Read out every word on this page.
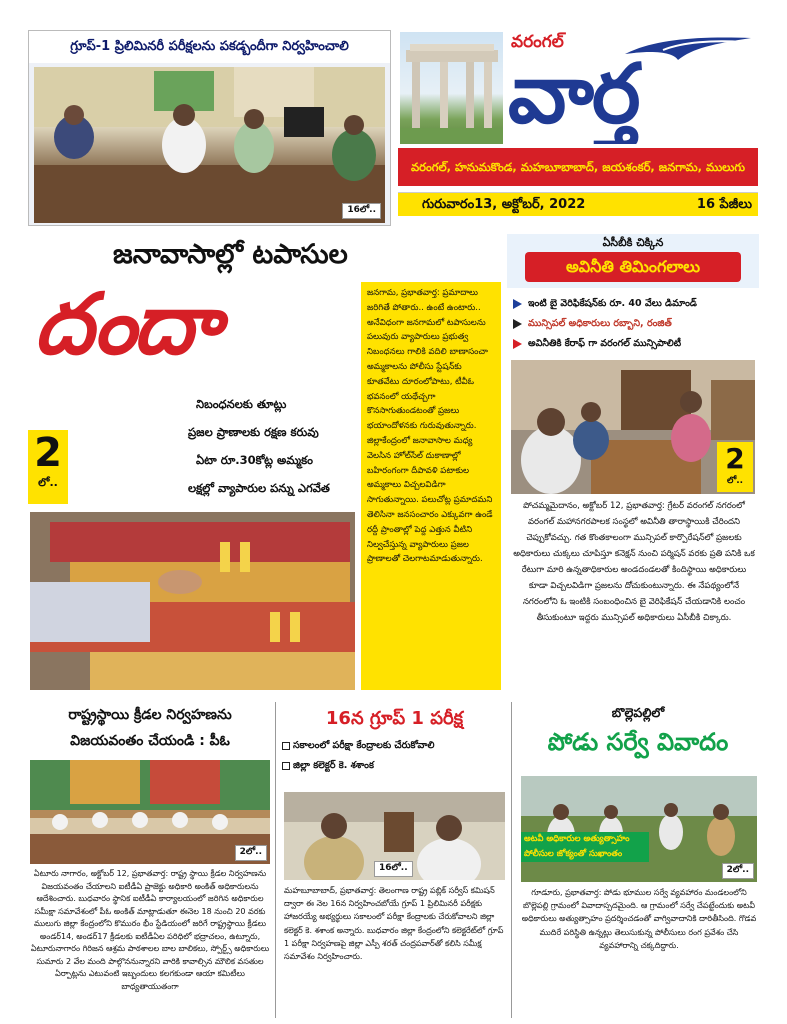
గ్రూప్-1 ప్రిలిమినరీ పరీక్షలను పకడ్బందీగా నిర్వహించాలి
16లో..
వరంగల్
వార్త
వరంగల్, హనుమకొండ, మహబూబాబాద్, జయశంకర్, జనగామ, ములుగు
గురువారం13, అక్టోబర్, 2022	16 పేజీలు
జనావాసాల్లో టపాసుల
దందా
నిబంధనలకు తూట్లు
ప్రజల ప్రాణాలకు రక్షణ కరువు
ఏటా రూ.30కోట్ల అమ్మకం
లక్షల్లో వ్యాపారుల పన్ను ఎగవేత
2
లో..

జనగామ, ప్రభాతవార్త: ప్రమాదాలు జరిగితే పోతారు.. ఉంటే ఉంటారు.. అనేవిధంగా జనగామలో టపాసులను పలువురు వ్యాపారులు ప్రభుత్వ నిబంధనలు గాలికి వదిలి బాణాసంచా అమ్మకాలను పోలీసు స్టేషన్‌కు కూతవేటు దూరంలోపాటు, టీవీఓ భవనంలో యథేచ్చగా కొనసాగుతుండటంతో ప్రజలు భయాందోళనకు గురువుతున్నారు. జిల్లాకేంద్రంలో జనావాసాల మధ్య వెలసిన హోల్‌సేల్ దుకాణాల్లో బహిరంగంగా దీపావళి పటాకుల అమ్మకాలు విచ్చలవిడిగా సాగుతున్నాయి. పలుచోట్ల ప్రమాదమని తెలిసినా జనసంచారం ఎక్కువగా ఉండే రద్దీ ప్రాంతాల్లో పెద్ద ఎత్తున వీటిని నిల్వచేస్తున్న వ్యాపారులు ప్రజల ప్రాణాలతో చెలగాటమాడుతున్నారు.

ఏసీబీకి చిక్కిన
అవినీతి తిమింగలాలు
ఇంటి బై వెరిఫికేషన్‌కు రూ. 40 వేలు డిమాండ్
మున్సిపల్ అధికారులు రబ్బాని, రంజిత్
అవినీతికి కేరాఫ్ గా వరంగల్ మున్సిపాలిటీ
2
లో..

పోచమ్మమైదానం, అక్టోబర్ 12, ప్రభాతవార్త: గ్రేటర్ వరంగల్ నగరంలో వరంగల్ మహానగరపాలక సంస్థలో అవినీతి తారాస్థాయికి చేరిందని చెప్పుకోవచ్చు. గత కొంతకాలంగా మున్సిపల్ కార్పొరేషన్‌లో ప్రజలకు అధికారులు చుక్కలు చూపిస్తూ కనెక్షన్ నుంచి పర్మిషన్ వరకు ప్రతి పనికి ఒక రేటుగా మారి ఉన్నతాధికారుల అండదండలతో కిందిస్థాయి అధికారులు కూడా విచ్చలవిడిగా ప్రజలను దోచుకుంటున్నారు. ఈ నేపథ్యంలోనే నగరంలోని ఓ ఇంటికి సంబంధించిన బై వెరిఫికేషన్ చేయడానికి లంచం తీసుకుంటూ ఇద్దరు మున్సిపల్ అధికారులు ఏసీబీకి చిక్కారు.

రాష్ట్రస్థాయి క్రీడల నిర్వహణను
విజయవంతం చేయండి : పీఓ
2లో..

ఏటూరు నాగారం, అక్టోబర్ 12, ప్రభాతవార్త: రాష్ట్ర స్థాయి క్రీడల నిర్వహణను విజయవంతం చేయాలని ఐటీడీఏ ప్రాజెక్టు అధికారి అంకిత్ అధికారులను ఆదేశించారు. బుధవారం స్థానిక ఐటీడీఏ కార్యాలయంలో జరిగిన అధికారుల సమీక్షా సమావేశంలో పీఓ అంకిత్ మాట్లాడుతూ ఈనెల 18 నుంచి 20 వరకు ములుగు జిల్లా కేంద్రంలోని కొమురం భీం స్టేడియంలో జరిగే రాష్ట్రస్థాయి క్రీడలు అండర్14, అండర్17 క్రీడలకు ఐటీడీఏల పరిధిలో భద్రాచలం, ఉట్నూరు, ఏటూరునాగారం గిరిజన ఆశ్రమ పాఠశాలల బాల బాలికలు, స్పోర్ట్స్ అధికారులు సుమారు 2 వేల మంది పాల్గొననున్నారని వారికి కావాల్సిన మౌలిక వసతుల ఏర్పాట్లను ఎటువంటి ఇబ్బందులు కలగకుండా ఆయా కమిటీలు బాధ్యతాయుతంగా

16న గ్రూప్ 1 పరీక్ష
సకాలంలో పరీక్షా కేంద్రాలకు చేరుకోవాలి
జిల్లా కలెక్టర్ కె. శశాంక
16లో..

మహబూబాబాద్, ప్రభాతవార్త: తెలంగాణ రాష్ట్ర పబ్లిక్ సర్వీస్ కమిషన్ ద్వారా ఈ నెల 16న నిర్వహించబోయే గ్రూప్ 1 ప్రిలిమినరీ పరీక్షకు హాజరయ్యే అభ్యర్థులు సకాలంలో పరీక్షా కేంద్రాలకు చేరుకోవాలని జిల్లా కలెక్టర్ కె. శశాంక అన్నారు. బుధవారం జిల్లా కేంద్రంలోని కలెక్టరేట్‌లో గ్రూప్ 1 పరీక్షా నిర్వహణపై జిల్లా ఎస్పీ శరత్ చంద్రపవార్‌తో కలిసి సమీక్ష సమావేశం నిర్వహించారు.

బొల్లెపల్లిలో
పోడు సర్వే వివాదం
అటవీ అధికారుల అత్యుత్సాహం
పోలీసుల జోక్యంతో సుఖాంతం
2లో..

గూడూరు, ప్రభాతవార్త: పోడు భూముల సర్వే వ్యవహారం మండలంలోని బొల్లెపల్లి గ్రామంలో వివాదాస్పదమైంది. ఆ గ్రామంలో సర్వే చేపట్టేందుకు అటవీ అధికారులు అత్యుత్సాహం ప్రదర్శించడంతో వాగ్వివాదానికి దారితీసింది. గొడవ ముదిరే పరిస్థితి ఉన్నట్లు తెలుసుకున్న పోలీసులు రంగ ప్రవేశం చేసి వ్యవహారాన్ని చక్కదిద్దారు.
